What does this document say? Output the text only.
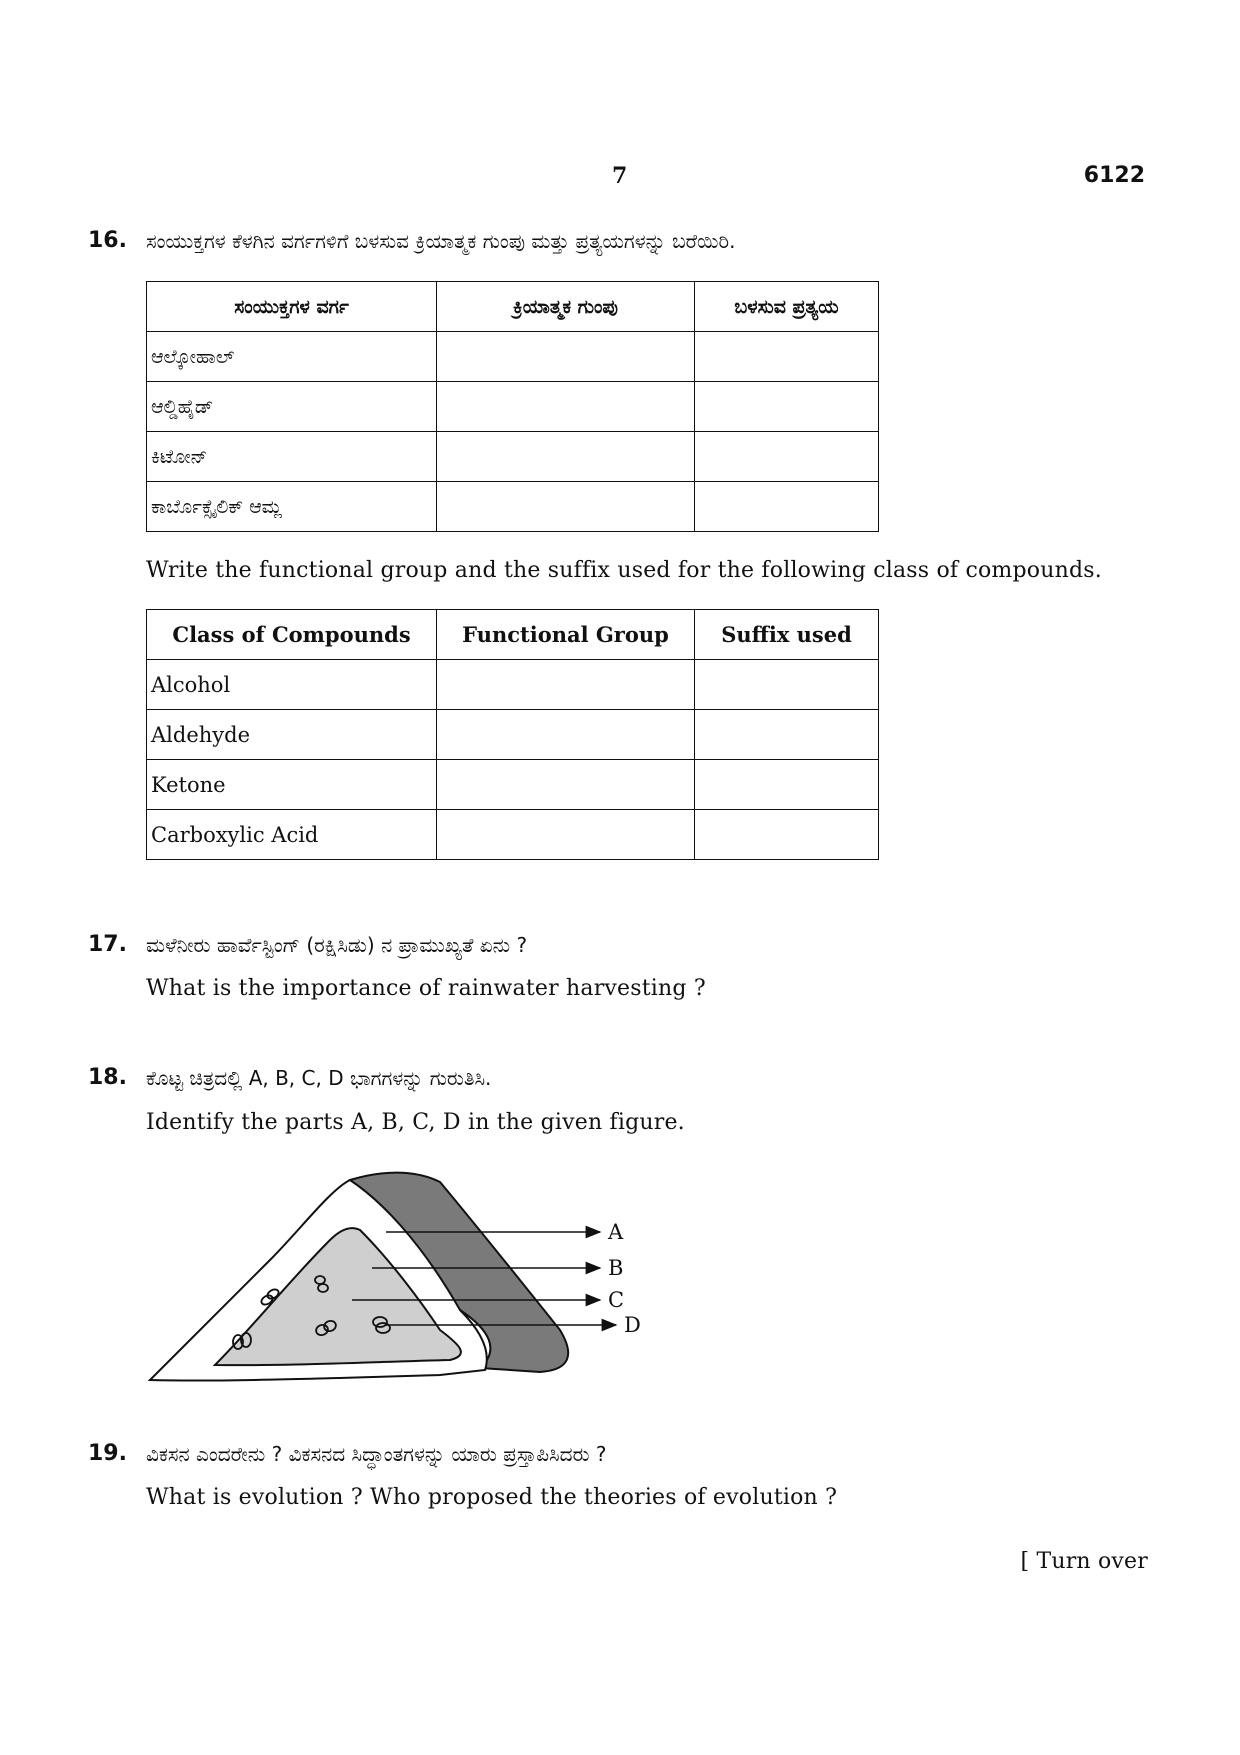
7	6122
16. ಸಂಯುಕ್ತಗಳ ಕೆಳಗಿನ ವರ್ಗಗಳಿಗೆ ಬಳಸುವ ಕ್ರಿಯಾತ್ಮಕ ಗುಂಪು ಮತ್ತು ಪ್ರತ್ಯಯಗಳನ್ನು ಬರೆಯಿರಿ.
ಸಂಯುಕ್ತಗಳ ವರ್ಗ	ಕ್ರಿಯಾತ್ಮಕ ಗುಂಪು	ಬಳಸುವ ಪ್ರತ್ಯಯ
ಆಲ್ಕೋಹಾಲ್		
ಆಲ್ಡಿಹೈಡ್		
ಕಿಟೋನ್		
ಕಾರ್ಬೊಕ್ಸೈಲಿಕ್ ಆಮ್ಲ		
Write the functional group and the suffix used for the following class of compounds.
Class of Compounds	Functional Group	Suffix used
Alcohol		
Aldehyde		
Ketone		
Carboxylic Acid		
17. ಮಳೆನೀರು ಹಾರ್ವೆಸ್ಟಿಂಗ್ (ರಕ್ಷಿಸಿಡು) ನ ಪ್ರಾಮುಖ್ಯತೆ ಏನು ?
What is the importance of rainwater harvesting ?
18. ಕೊಟ್ಟ ಚಿತ್ರದಲ್ಲಿ A, B, C, D ಭಾಗಗಳನ್ನು ಗುರುತಿಸಿ.
Identify the parts A, B, C, D in the given figure.
A
B
C
D
19. ವಿಕಸನ ಎಂದರೇನು ? ವಿಕಸನದ ಸಿದ್ಧಾಂತಗಳನ್ನು ಯಾರು ಪ್ರಸ್ತಾಪಿಸಿದರು ?
What is evolution ? Who proposed the theories of evolution ?
[ Turn over
